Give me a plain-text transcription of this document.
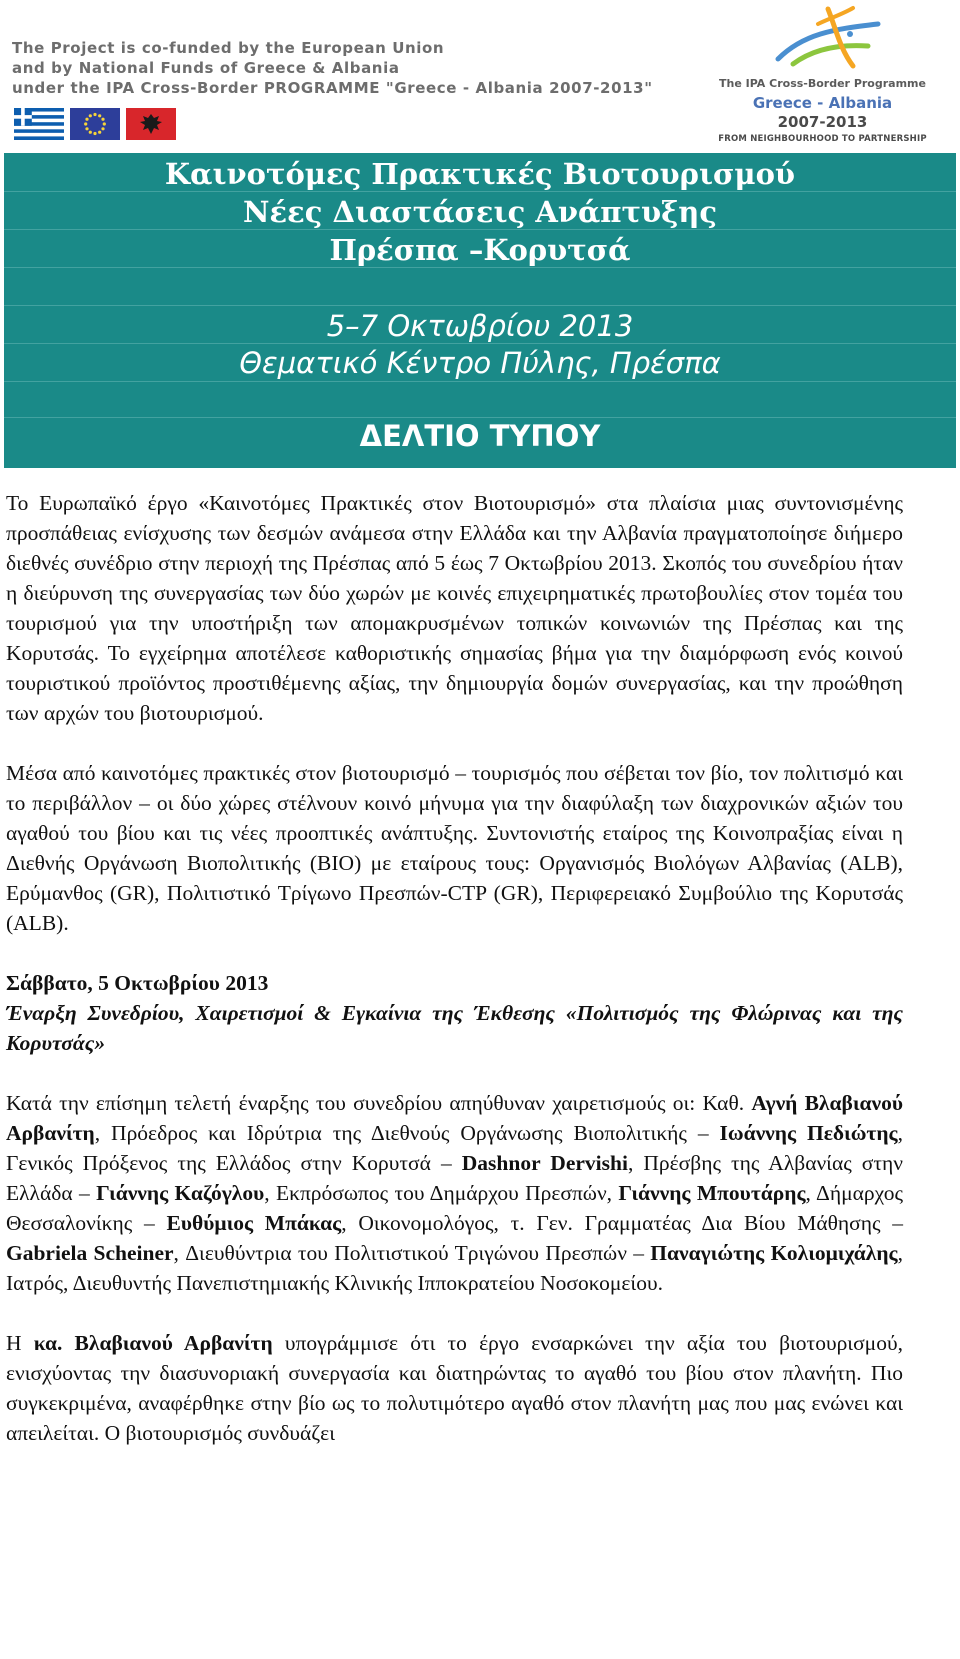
The Project is co-funded by the European Union
and by National Funds of Greece & Albania
under the IPA Cross-Border PROGRAMME "Greece - Albania 2007-2013"	The IPA Cross-Border Programme
Greece - Albania
2007-2013
FROM NEIGHBOURHOOD TO PARTNERSHIP
Καινοτόμες Πρακτικές Βιοτουρισμού
Νέες Διαστάσεις Ανάπτυξης
Πρέσπα –Κορυτσά
5–7 Οκτωβρίου 2013
Θεματικό Κέντρο Πύλης, Πρέσπα
ΔΕΛΤΙΟ ΤΥΠΟΥ

Το Ευρωπαϊκό έργο «Καινοτόμες Πρακτικές στον Βιοτουρισμό» στα πλαίσια μιας συντονισμένης προσπάθειας ενίσχυσης των δεσμών ανάμεσα στην Ελλάδα και την Αλβανία πραγματοποίησε διήμερο διεθνές συνέδριο στην περιοχή της Πρέσπας από 5 έως 7 Οκτωβρίου 2013. Σκοπός του συνεδρίου ήταν η διεύρυνση της συνεργασίας των δύο χωρών με κοινές επιχειρηματικές πρωτοβουλίες στον τομέα του τουρισμού για την υποστήριξη των απομακρυσμένων τοπικών κοινωνιών της Πρέσπας και της Κορυτσάς. Το εγχείρημα αποτέλεσε καθοριστικής σημασίας βήμα για την διαμόρφωση ενός κοινού τουριστικού προϊόντος προστιθέμενης αξίας, την δημιουργία δομών συνεργασίας, και την προώθηση των αρχών του βιοτουρισμού.

Μέσα από καινοτόμες πρακτικές στον βιοτουρισμό – τουρισμός που σέβεται τον βίο, τον πολιτισμό και το περιβάλλον – οι δύο χώρες στέλνουν κοινό μήνυμα για την διαφύλαξη των διαχρονικών αξιών του αγαθού του βίου και τις νέες προοπτικές ανάπτυξης. Συντονιστής εταίρος της Κοινοπραξίας είναι η Διεθνής Οργάνωση Βιοπολιτικής (ΒΙΟ) με εταίρους τους: Οργανισμός Βιολόγων Αλβανίας (ALB), Ερύμανθος (GR), Πολιτιστικό Τρίγωνο Πρεσπών-CTP (GR), Περιφερειακό Συμβούλιο της Κορυτσάς (ALB).

Σάββατο, 5 Οκτωβρίου 2013

Έναρξη Συνεδρίου, Χαιρετισμοί & Εγκαίνια της Έκθεσης «Πολιτισμός της Φλώρινας και της Κορυτσάς»

Κατά την επίσημη τελετή έναρξης του συνεδρίου απηύθυναν χαιρετισμούς οι: Καθ. Αγνή Βλαβιανού Αρβανίτη, Πρόεδρος και Ιδρύτρια της Διεθνούς Οργάνωσης Βιοπολιτικής – Ιωάννης Πεδιώτης, Γενικός Πρόξενος της Ελλάδος στην Κορυτσά – Dashnor Dervishi, Πρέσβης της Αλβανίας στην Ελλάδα – Γιάννης Καζόγλου, Εκπρόσωπος του Δημάρχου Πρεσπών, Γιάννης Μπουτάρης, Δήμαρχος Θεσσαλονίκης – Ευθύμιος Μπάκας, Οικονομολόγος, τ. Γεν. Γραμματέας Δια Βίου Μάθησης – Gabriela Scheiner, Διευθύντρια του Πολιτιστικού Τριγώνου Πρεσπών – Παναγιώτης Κολιομιχάλης, Ιατρός, Διευθυντής Πανεπιστημιακής Κλινικής Ιπποκρατείου Νοσοκομείου.

Η κα. Βλαβιανού Αρβανίτη υπογράμμισε ότι το έργο ενσαρκώνει την αξία του βιοτουρισμού, ενισχύοντας την διασυνοριακή συνεργασία και διατηρώντας το αγαθό του βίου στον πλανήτη. Πιο συγκεκριμένα, αναφέρθηκε στην βίο ως το πολυτιμότερο αγαθό στον πλανήτη μας που μας ενώνει και απειλείται. Ο βιοτουρισμός συνδυάζει
